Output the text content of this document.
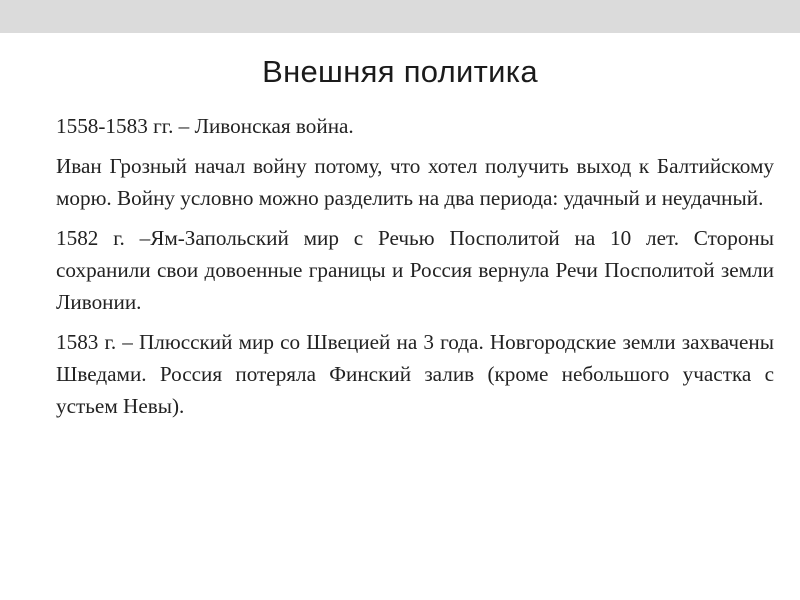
Внешняя политика

1558-1583 гг. – Ливонская война.

Иван Грозный начал войну потому, что хотел получить выход к Балтийскому морю. Войну условно можно разделить на два периода: удачный и неудачный.

1582 г. –Ям-Запольский мир с Речью Посполитой на 10 лет. Стороны сохранили свои довоенные границы и Россия вернула Речи Посполитой земли Ливонии.

1583 г. – Плюсский мир со Швецией на 3 года. Новгородские земли захвачены Шведами. Россия потеряла Финский залив (кроме небольшого участка с устьем Невы).
